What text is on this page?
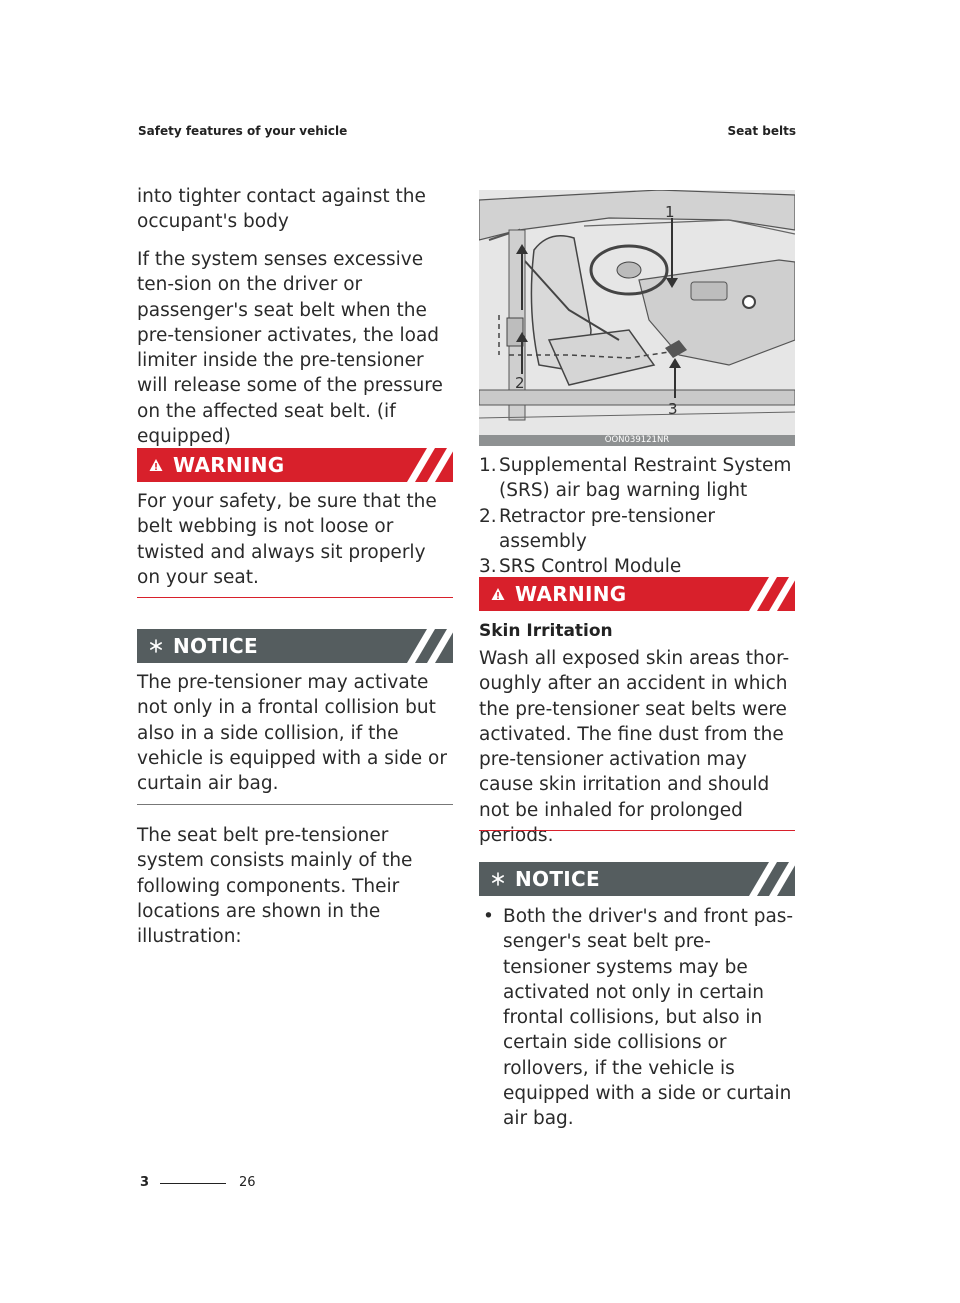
Safety features of your vehicle	Seat belts

into tighter contact against the occupant's body

If the system senses excessive ten-sion on the driver or passenger's seat belt when the pre-tensioner activates, the load limiter inside the pre-tensioner will release some of the pressure on the affected seat belt. (if equipped)

WARNING

For your safety, be sure that the belt webbing is not loose or twisted and always sit properly on your seat.

NOTICE

The pre-tensioner may activate not only in a frontal collision but also in a side collision, if the vehicle is equipped with a side or curtain air bag.

The seat belt pre-tensioner system consists mainly of the following components. Their locations are shown in the illustration:

1
2
3
OON039121NR
1. Supplemental Restraint System (SRS) air bag warning light
2. Retractor pre-tensioner assembly
3. SRS Control Module
WARNING

Skin Irritation

Wash all exposed skin areas thor-oughly after an accident in which the pre-tensioner seat belts were activated. The fine dust from the pre-tensioner activation may cause skin irritation and should not be inhaled for prolonged periods.

NOTICE
• Both the driver's and front pas-senger's seat belt pre-tensioner systems may be activated not only in certain frontal collisions, but also in certain side collisions or rollovers, if the vehicle is equipped with a side or curtain air bag.
3	26
